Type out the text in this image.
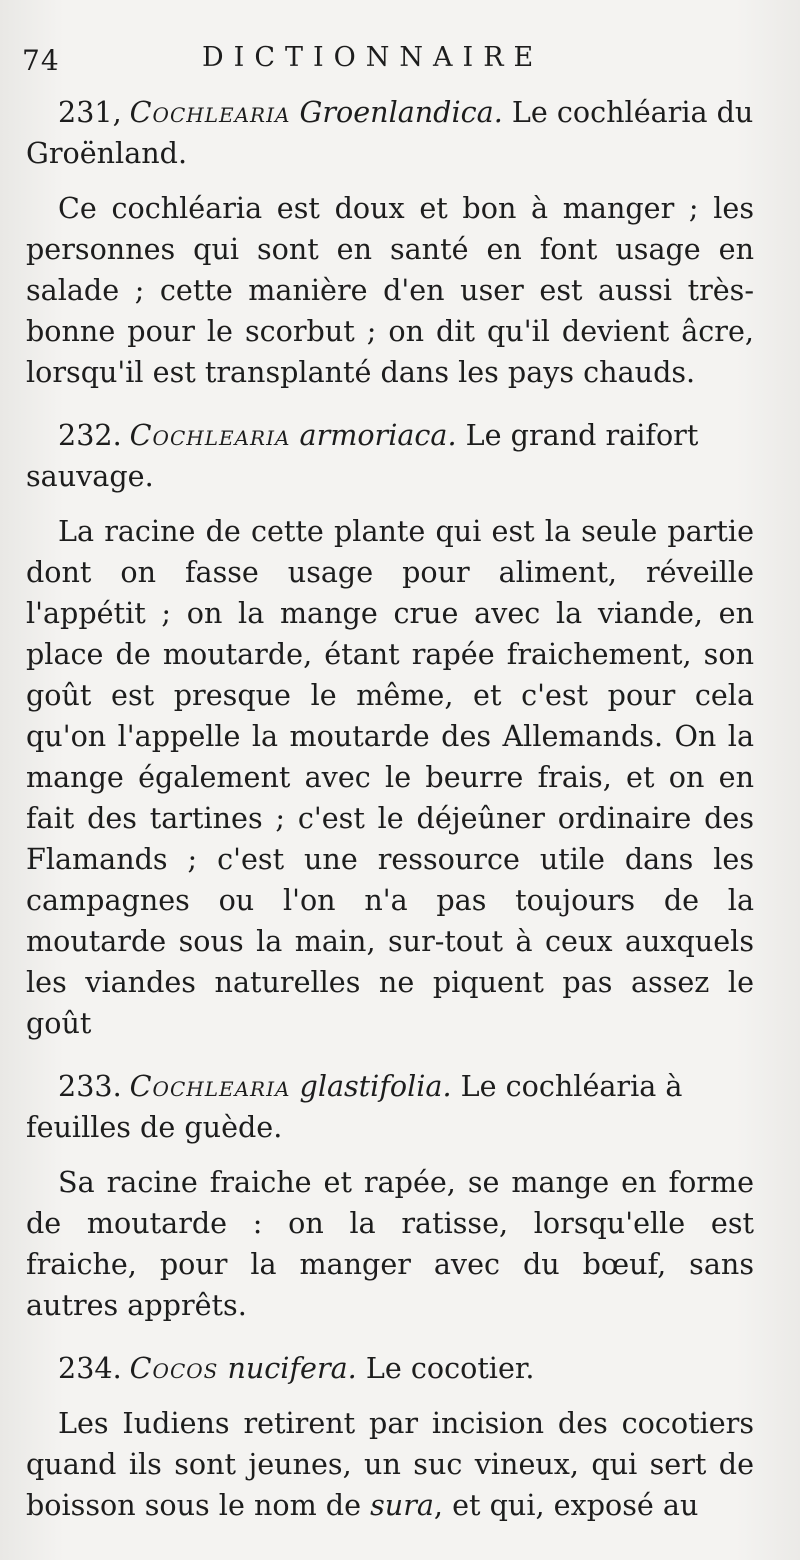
74	DICTIONNAIRE

231, Cochlearia Groenlandica. Le cochléaria du Groënland.

Ce cochléaria est doux et bon à manger ; les personnes qui sont en santé en font usage en salade ; cette manière d'en user est aussi très-bonne pour le scorbut ; on dit qu'il devient âcre, lorsqu'il est transplanté dans les pays chauds.

232. Cochlearia armoriaca. Le grand raifort sauvage.

La racine de cette plante qui est la seule partie dont on fasse usage pour aliment, réveille l'appétit ; on la mange crue avec la viande, en place de moutarde, étant rapée fraichement, son goût est presque le même, et c'est pour cela qu'on l'appelle la moutarde des Allemands. On la mange également avec le beurre frais, et on en fait des tartines ; c'est le déjeûner ordinaire des Flamands ; c'est une ressource utile dans les campagnes ou l'on n'a pas toujours de la moutarde sous la main, sur-tout à ceux auxquels les viandes naturelles ne piquent pas assez le goût

233. Cochlearia glastifolia. Le cochléaria à feuilles de guède.

Sa racine fraiche et rapée, se mange en forme de moutarde : on la ratisse, lorsqu'elle est fraiche, pour la manger avec du bœuf, sans autres apprêts.

234. Cocos nucifera. Le cocotier.

Les Iudiens retirent par incision des cocotiers quand ils sont jeunes, un suc vineux, qui sert de boisson sous le nom de sura, et qui, exposé au
